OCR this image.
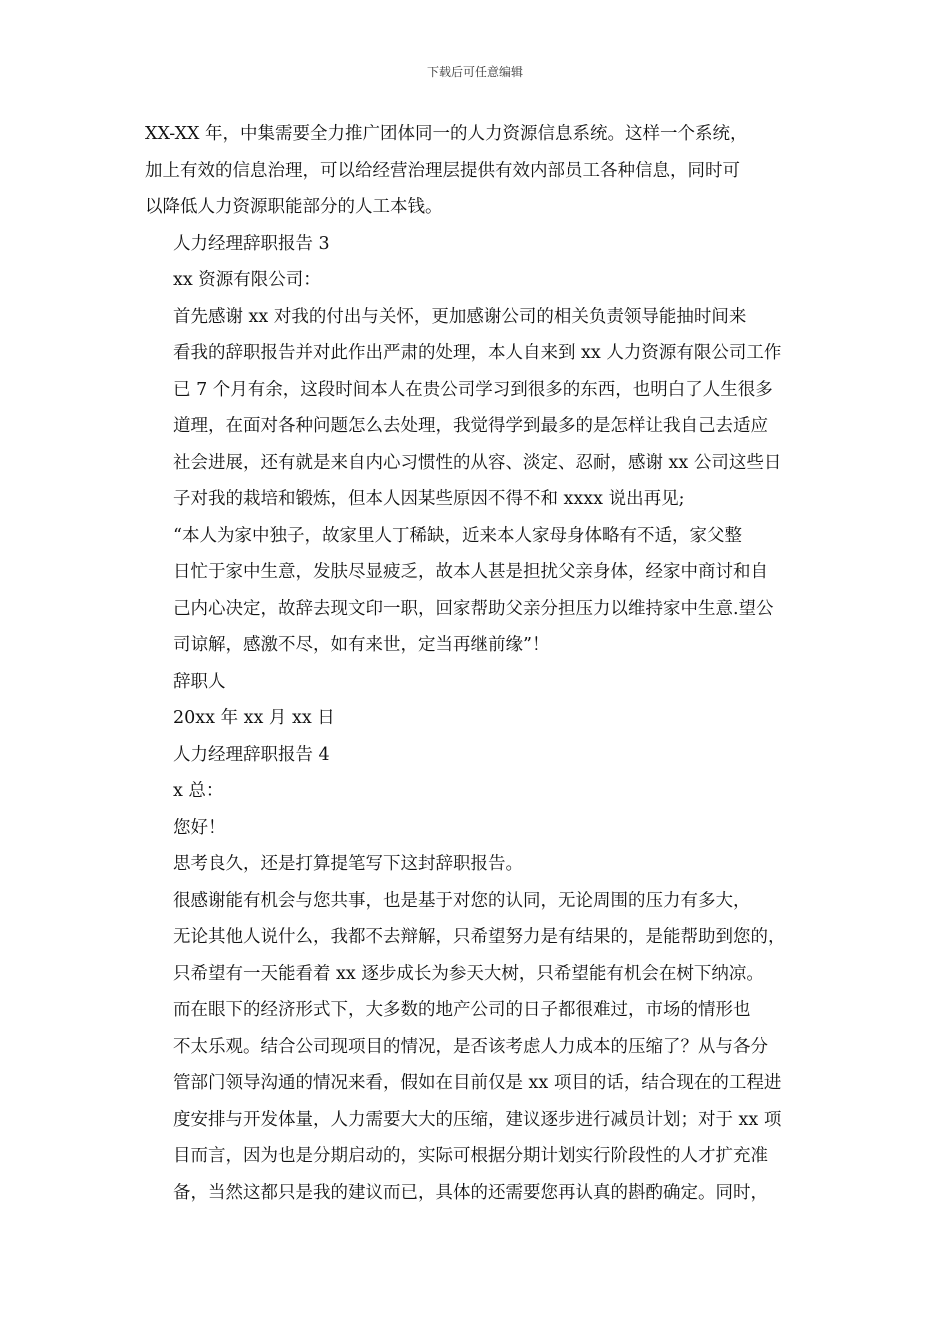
下载后可任意编辑

XX-XX 年，中集需要全力推广团体同一的人力资源信息系统。这样一个系统，
加上有效的信息治理，可以给经营治理层提供有效内部员工各种信息，同时可
以降低人力资源职能部分的人工本钱。

人力经理辞职报告 3

xx 资源有限公司：

首先感谢 xx 对我的付出与关怀，更加感谢公司的相关负责领导能抽时间来
看我的辞职报告并对此作出严肃的处理，本人自来到 xx 人力资源有限公司工作
已 7 个月有余，这段时间本人在贵公司学习到很多的东西，也明白了人生很多
道理，在面对各种问题怎么去处理，我觉得学到最多的是怎样让我自己去适应
社会进展，还有就是来自内心习惯性的从容、淡定、忍耐，感谢 xx 公司这些日
子对我的栽培和锻炼，但本人因某些原因不得不和 xxxx 说出再见;

“本人为家中独子，故家里人丁稀缺，近来本人家母身体略有不适，家父整
日忙于家中生意，发肤尽显疲乏，故本人甚是担扰父亲身体，经家中商讨和自
己内心决定，故辞去现文印一职，回家帮助父亲分担压力以维持家中生意.望公
司谅解，感激不尽，如有来世，定当再继前缘”！

辞职人

20xx 年 xx 月 xx 日

人力经理辞职报告 4

x 总：

您好！

思考良久，还是打算提笔写下这封辞职报告。

很感谢能有机会与您共事，也是基于对您的认同，无论周围的压力有多大，
无论其他人说什么，我都不去辩解，只希望努力是有结果的，是能帮助到您的，
只希望有一天能看着 xx 逐步成长为参天大树，只希望能有机会在树下纳凉。

而在眼下的经济形式下，大多数的地产公司的日子都很难过，市场的情形也
不太乐观。结合公司现项目的情况，是否该考虑人力成本的压缩了？从与各分
管部门领导沟通的情况来看，假如在目前仅是 xx 项目的话，结合现在的工程进
度安排与开发体量，人力需要大大的压缩，建议逐步进行减员计划；对于 xx 项
目而言，因为也是分期启动的，实际可根据分期计划实行阶段性的人才扩充准
备，当然这都只是我的建议而已，具体的还需要您再认真的斟酌确定。同时，
